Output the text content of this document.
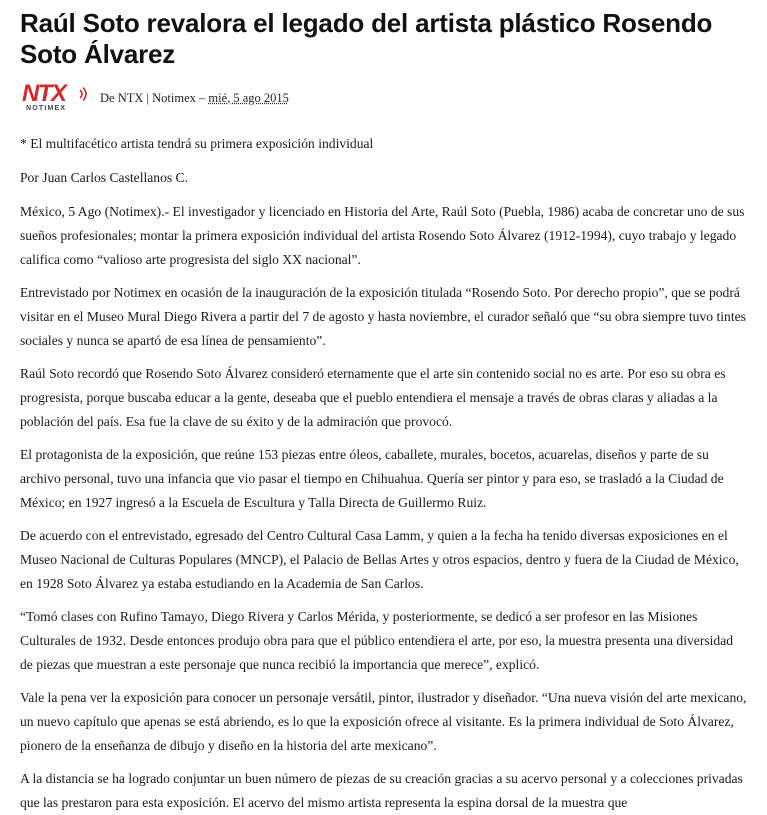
Raúl Soto revalora el legado del artista plástico Rosendo Soto Álvarez
NTX
NOTIMEX
De NTX | Notimex – mié, 5 ago 2015

* El multifacético artista tendrá su primera exposición individual

Por Juan Carlos Castellanos C.

México, 5 Ago (Notimex).- El investigador y licenciado en Historia del Arte, Raúl Soto (Puebla, 1986) acaba de concretar uno de sus sueños profesionales; montar la primera exposición individual del artista Rosendo Soto Álvarez (1912-1994), cuyo trabajo y legado califica como “valioso arte progresista del siglo XX nacional”.

Entrevistado por Notimex en ocasión de la inauguración de la exposición titulada “Rosendo Soto. Por derecho propio”, que se podrá visitar en el Museo Mural Diego Rivera a partir del 7 de agosto y hasta noviembre, el curador señaló que “su obra siempre tuvo tintes sociales y nunca se apartó de esa línea de pensamiento”.

Raúl Soto recordó que Rosendo Soto Álvarez consideró eternamente que el arte sin contenido social no es arte. Por eso su obra es progresista, porque buscaba educar a la gente, deseaba que el pueblo entendiera el mensaje a través de obras claras y aliadas a la población del país. Esa fue la clave de su éxito y de la admiración que provocó.

El protagonista de la exposición, que reúne 153 piezas entre óleos, caballete, murales, bocetos, acuarelas, diseños y parte de su archivo personal, tuvo una infancia que vio pasar el tiempo en Chihuahua. Quería ser pintor y para eso, se trasladó a la Ciudad de México; en 1927 ingresó a la Escuela de Escultura y Talla Directa de Guillermo Ruiz.

De acuerdo con el entrevistado, egresado del Centro Cultural Casa Lamm, y quien a la fecha ha tenido diversas exposiciones en el Museo Nacional de Culturas Populares (MNCP), el Palacio de Bellas Artes y otros espacios, dentro y fuera de la Ciudad de México, en 1928 Soto Álvarez ya estaba estudiando en la Academia de San Carlos.

“Tomó clases con Rufino Tamayo, Diego Rivera y Carlos Mérida, y posteriormente, se dedicó a ser profesor en las Misiones Culturales de 1932. Desde entonces produjo obra para que el público entendiera el arte, por eso, la muestra presenta una diversidad de piezas que muestran a este personaje que nunca recibió la importancia que merece”, explicó.

Vale la pena ver la exposición para conocer un personaje versátil, pintor, ilustrador y diseñador. “Una nueva visión del arte mexicano, un nuevo capítulo que apenas se está abriendo, es lo que la exposición ofrece al visitante. Es la primera individual de Soto Álvarez, pionero de la enseñanza de dibujo y diseño en la historia del arte mexicano”.

A la distancia se ha logrado conjuntar un buen número de piezas de su creación gracias a su acervo personal y a colecciones privadas que las prestaron para esta exposición. El acervo del mismo artista representa la espina dorsal de la muestra que
